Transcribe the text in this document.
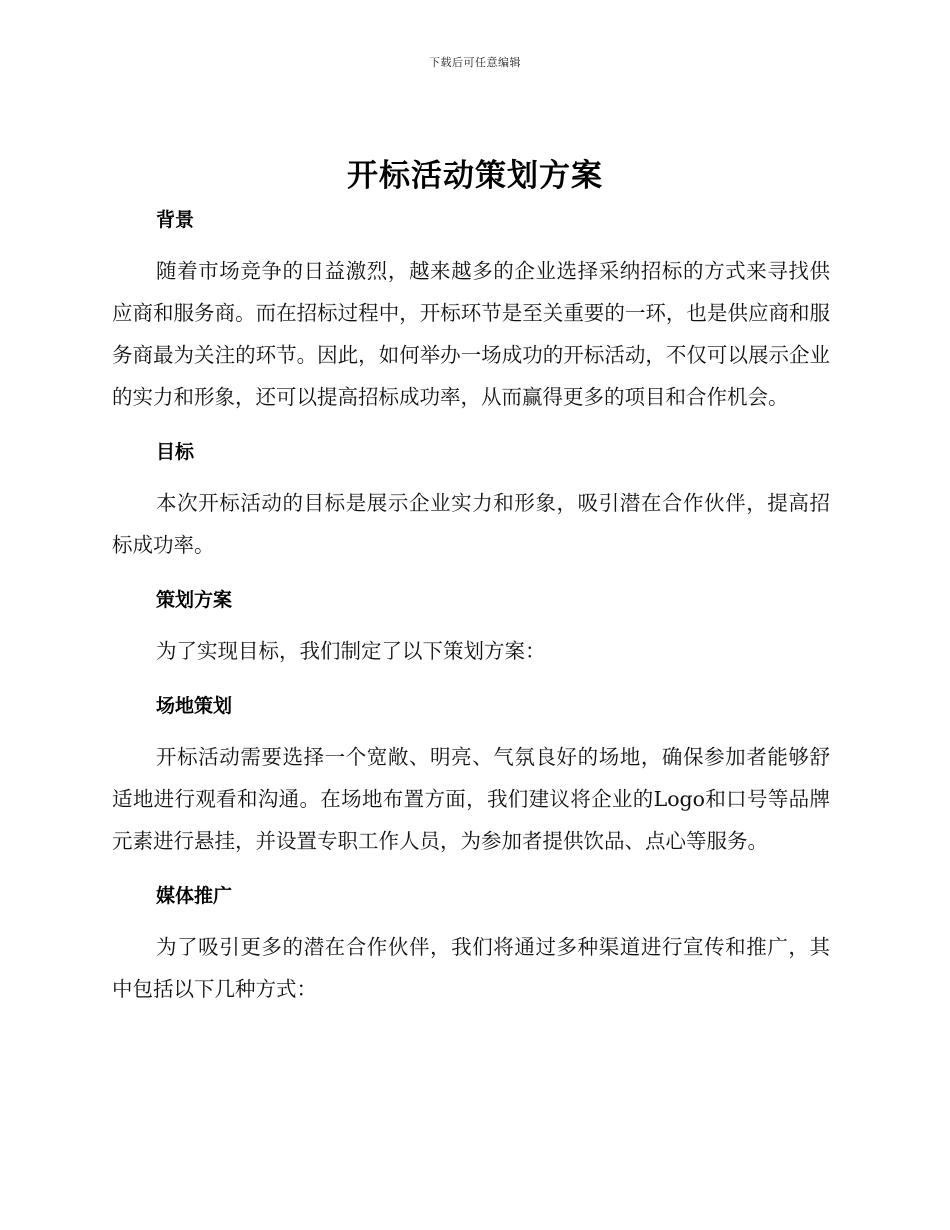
下载后可任意编辑
开标活动策划方案
背景

随着市场竞争的日益激烈，越来越多的企业选择采纳招标的方式来寻找供应商和服务商。而在招标过程中，开标环节是至关重要的一环，也是供应商和服务商最为关注的环节。因此，如何举办一场成功的开标活动，不仅可以展示企业的实力和形象，还可以提高招标成功率，从而赢得更多的项目和合作机会。

目标

本次开标活动的目标是展示企业实力和形象，吸引潜在合作伙伴，提高招标成功率。

策划方案

为了实现目标，我们制定了以下策划方案：

场地策划

开标活动需要选择一个宽敞、明亮、气氛良好的场地，确保参加者能够舒适地进行观看和沟通。在场地布置方面，我们建议将企业的Logo和口号等品牌元素进行悬挂，并设置专职工作人员，为参加者提供饮品、点心等服务。

媒体推广

为了吸引更多的潜在合作伙伴，我们将通过多种渠道进行宣传和推广，其中包括以下几种方式：
